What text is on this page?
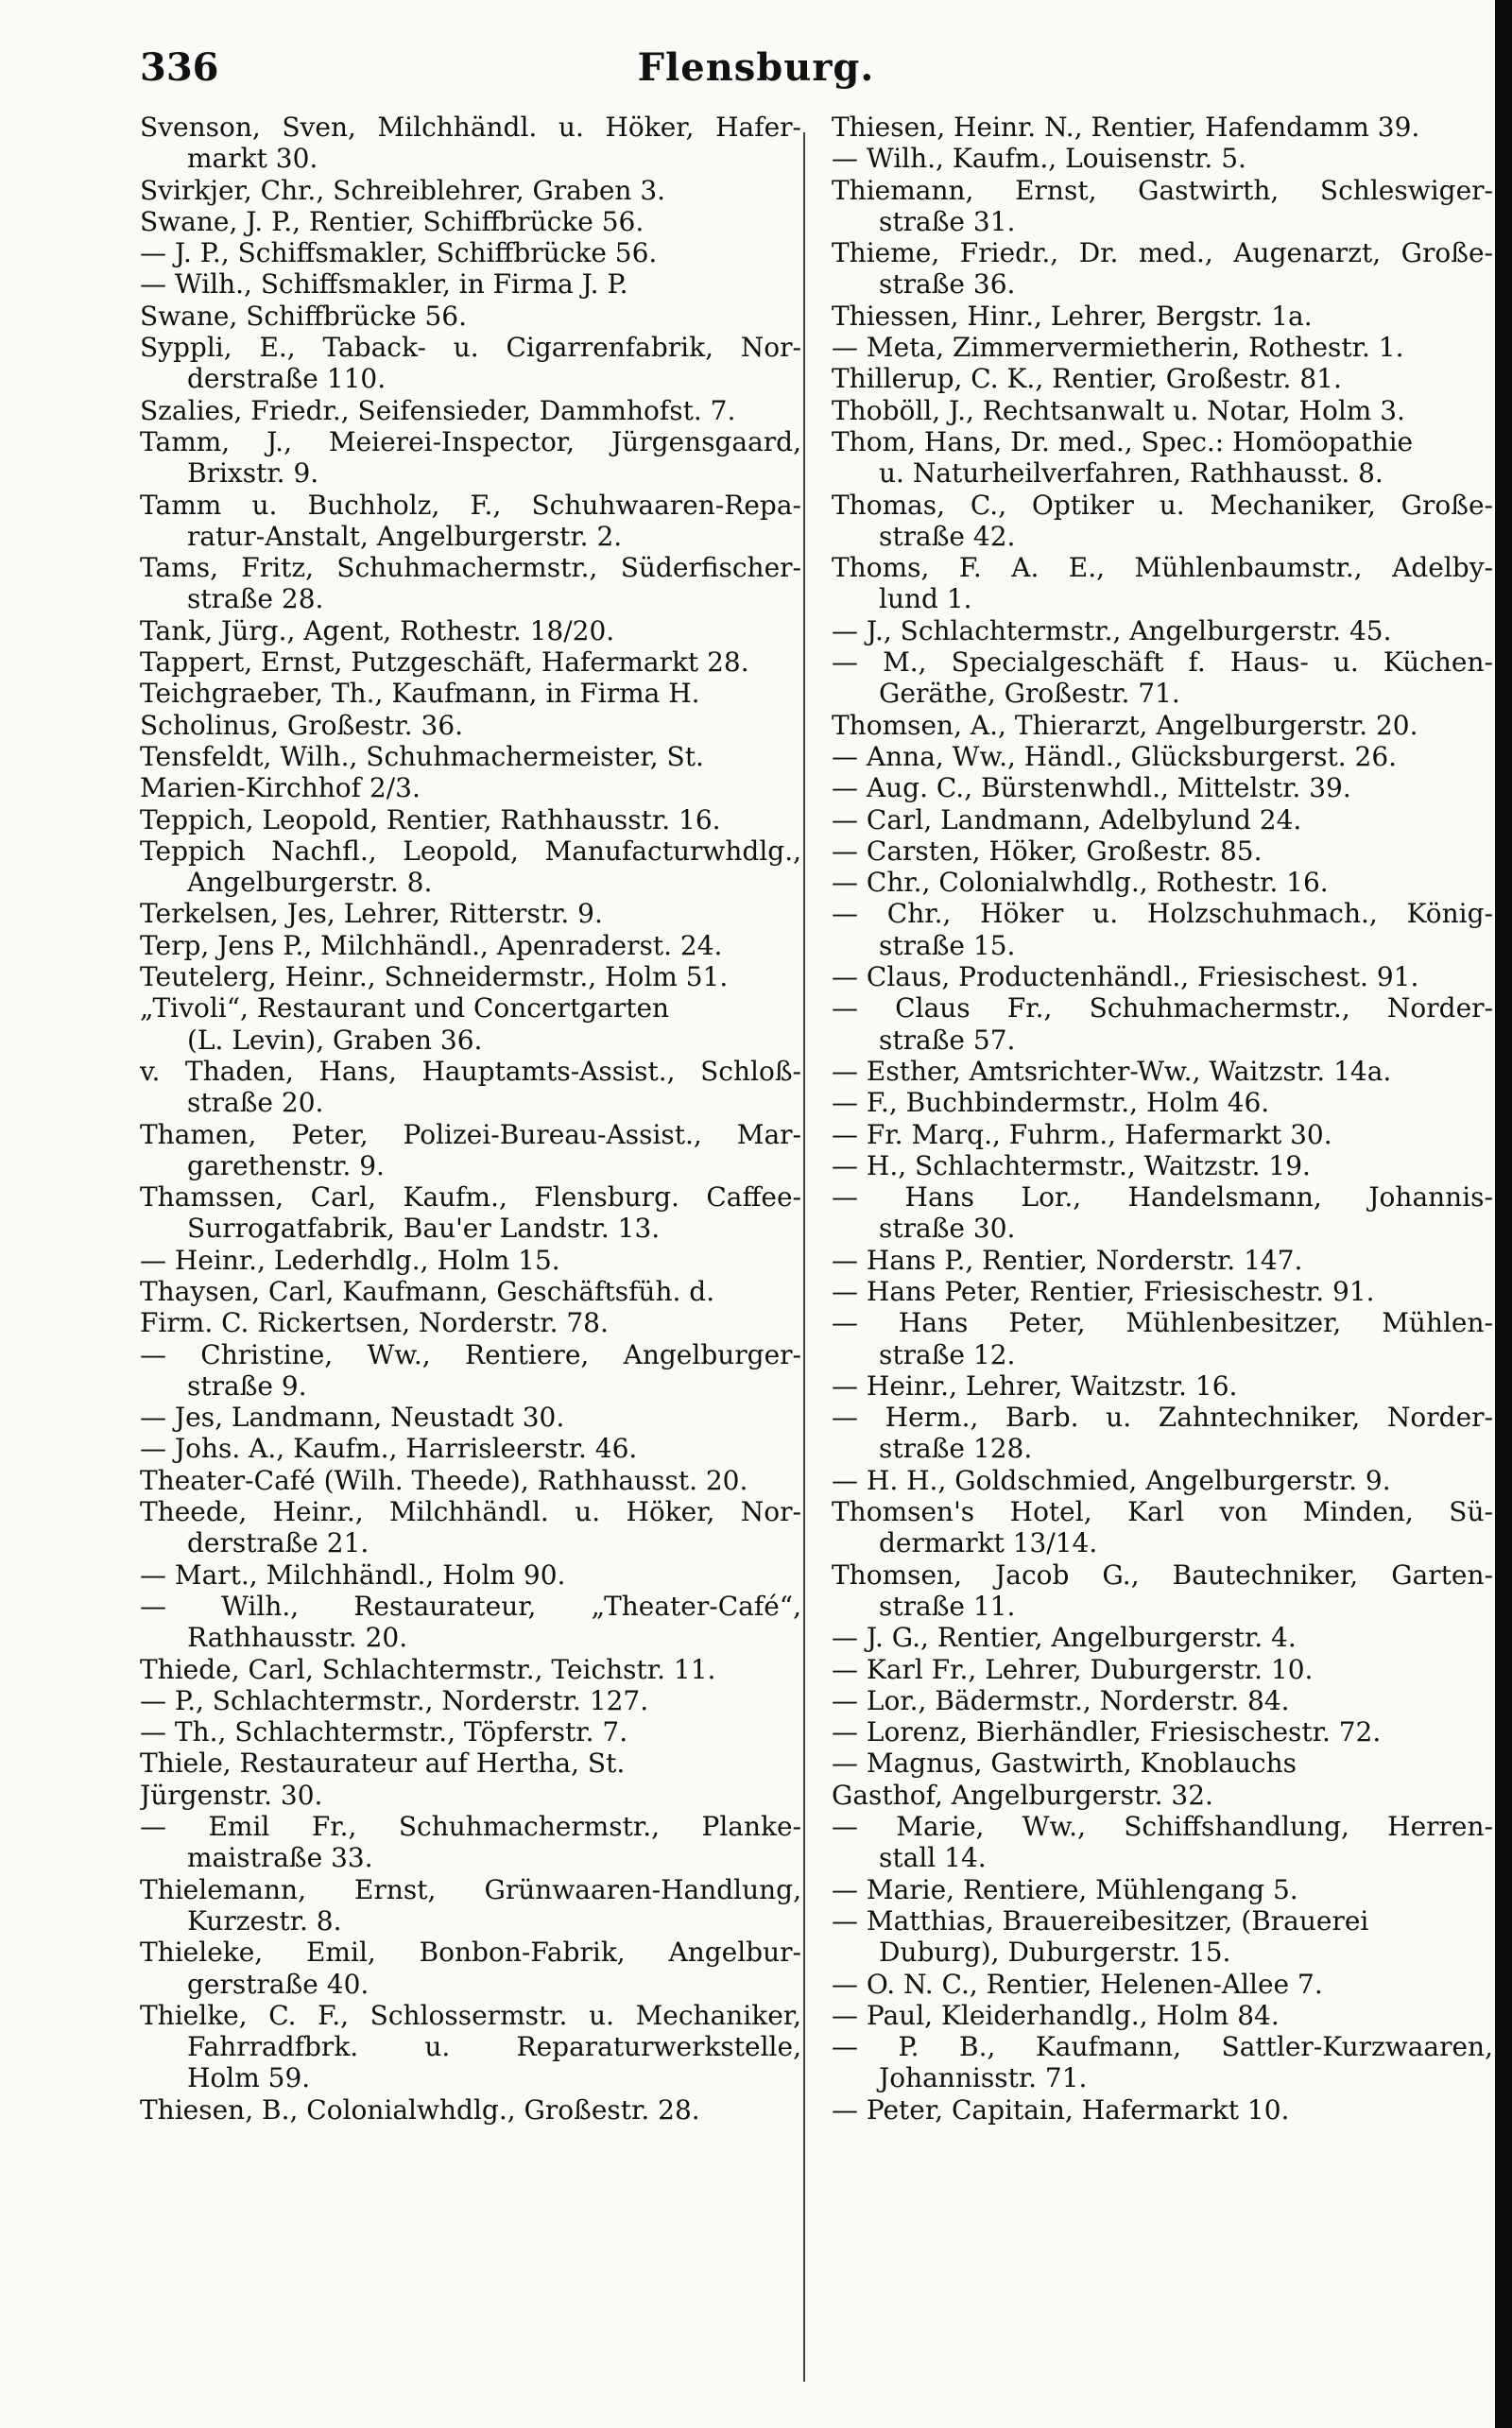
336	Flensburg.
Svenson, Sven, Milchhändl. u. Höker, Hafer-
markt 30.
Svirkjer, Chr., Schreiblehrer, Graben 3.
Swane, J. P., Rentier, Schiffbrücke 56.
— J. P., Schiffsmakler, Schiffbrücke 56.
— Wilh., Schiffsmakler, in Firma J. P.
Swane, Schiffbrücke 56.
Syppli, E., Taback- u. Cigarrenfabrik, Nor-
derstraße 110.
Szalies, Friedr., Seifensieder, Dammhofst. 7.
Tamm, J., Meierei-Inspector, Jürgensgaard,
Brixstr. 9.
Tamm u. Buchholz, F., Schuhwaaren-Repa-
ratur-Anstalt, Angelburgerstr. 2.
Tams, Fritz, Schuhmachermstr., Süderfischer-
straße 28.
Tank, Jürg., Agent, Rothestr. 18/20.
Tappert, Ernst, Putzgeschäft, Hafermarkt 28.
Teichgraeber, Th., Kaufmann, in Firma H.
Scholinus, Großestr. 36.
Tensfeldt, Wilh., Schuhmachermeister, St.
Marien-Kirchhof 2/3.
Teppich, Leopold, Rentier, Rathhausstr. 16.
Teppich Nachfl., Leopold, Manufacturwhdlg.,
Angelburgerstr. 8.
Terkelsen, Jes, Lehrer, Ritterstr. 9.
Terp, Jens P., Milchhändl., Apenraderst. 24.
Teutelerg, Heinr., Schneidermstr., Holm 51.
„Tivoli“, Restaurant und Concertgarten
(L. Levin), Graben 36.
v. Thaden, Hans, Hauptamts-Assist., Schloß-
straße 20.
Thamen, Peter, Polizei-Bureau-Assist., Mar-
garethenstr. 9.
Thamssen, Carl, Kaufm., Flensburg. Caffee-
Surrogatfabrik, Bau'er Landstr. 13.
— Heinr., Lederhdlg., Holm 15.
Thaysen, Carl, Kaufmann, Geschäftsfüh. d.
Firm. C. Rickertsen, Norderstr. 78.
— Christine, Ww., Rentiere, Angelburger-
straße 9.
— Jes, Landmann, Neustadt 30.
— Johs. A., Kaufm., Harrisleerstr. 46.
Theater-Café (Wilh. Theede), Rathhausst. 20.
Theede, Heinr., Milchhändl. u. Höker, Nor-
derstraße 21.
— Mart., Milchhändl., Holm 90.
— Wilh., Restaurateur, „Theater-Café“,
Rathhausstr. 20.
Thiede, Carl, Schlachtermstr., Teichstr. 11.
— P., Schlachtermstr., Norderstr. 127.
— Th., Schlachtermstr., Töpferstr. 7.
Thiele, Restaurateur auf Hertha, St.
Jürgenstr. 30.
— Emil Fr., Schuhmachermstr., Planke-
maistraße 33.
Thielemann, Ernst, Grünwaaren-Handlung,
Kurzestr. 8.
Thieleke, Emil, Bonbon-Fabrik, Angelbur-
gerstraße 40.
Thielke, C. F., Schlossermstr. u. Mechaniker,
Fahrradfbrk. u. Reparaturwerkstelle,
Holm 59.
Thiesen, B., Colonialwhdlg., Großestr. 28.
Thiesen, Heinr. N., Rentier, Hafendamm 39.
— Wilh., Kaufm., Louisenstr. 5.
Thiemann, Ernst, Gastwirth, Schleswiger-
straße 31.
Thieme, Friedr., Dr. med., Augenarzt, Große-
straße 36.
Thiessen, Hinr., Lehrer, Bergstr. 1a.
— Meta, Zimmervermietherin, Rothestr. 1.
Thillerup, C. K., Rentier, Großestr. 81.
Thoböll, J., Rechtsanwalt u. Notar, Holm 3.
Thom, Hans, Dr. med., Spec.: Homöopathie
u. Naturheilverfahren, Rathhausst. 8.
Thomas, C., Optiker u. Mechaniker, Große-
straße 42.
Thoms, F. A. E., Mühlenbaumstr., Adelby-
lund 1.
— J., Schlachtermstr., Angelburgerstr. 45.
— M., Specialgeschäft f. Haus- u. Küchen-
Geräthe, Großestr. 71.
Thomsen, A., Thierarzt, Angelburgerstr. 20.
— Anna, Ww., Händl., Glücksburgerst. 26.
— Aug. C., Bürstenwhdl., Mittelstr. 39.
— Carl, Landmann, Adelbylund 24.
— Carsten, Höker, Großestr. 85.
— Chr., Colonialwhdlg., Rothestr. 16.
— Chr., Höker u. Holzschuhmach., König-
straße 15.
— Claus, Productenhändl., Friesischest. 91.
— Claus Fr., Schuhmachermstr., Norder-
straße 57.
— Esther, Amtsrichter-Ww., Waitzstr. 14a.
— F., Buchbindermstr., Holm 46.
— Fr. Marq., Fuhrm., Hafermarkt 30.
— H., Schlachtermstr., Waitzstr. 19.
— Hans Lor., Handelsmann, Johannis-
straße 30.
— Hans P., Rentier, Norderstr. 147.
— Hans Peter, Rentier, Friesischestr. 91.
— Hans Peter, Mühlenbesitzer, Mühlen-
straße 12.
— Heinr., Lehrer, Waitzstr. 16.
— Herm., Barb. u. Zahntechniker, Norder-
straße 128.
— H. H., Goldschmied, Angelburgerstr. 9.
Thomsen's Hotel, Karl von Minden, Sü-
dermarkt 13/14.
Thomsen, Jacob G., Bautechniker, Garten-
straße 11.
— J. G., Rentier, Angelburgerstr. 4.
— Karl Fr., Lehrer, Duburgerstr. 10.
— Lor., Bädermstr., Norderstr. 84.
— Lorenz, Bierhändler, Friesischestr. 72.
— Magnus, Gastwirth, Knoblauchs
Gasthof, Angelburgerstr. 32.
— Marie, Ww., Schiffshandlung, Herren-
stall 14.
— Marie, Rentiere, Mühlengang 5.
— Matthias, Brauereibesitzer, (Brauerei
Duburg), Duburgerstr. 15.
— O. N. C., Rentier, Helenen-Allee 7.
— Paul, Kleiderhandlg., Holm 84.
— P. B., Kaufmann, Sattler-Kurzwaaren,
Johannisstr. 71.
— Peter, Capitain, Hafermarkt 10.
